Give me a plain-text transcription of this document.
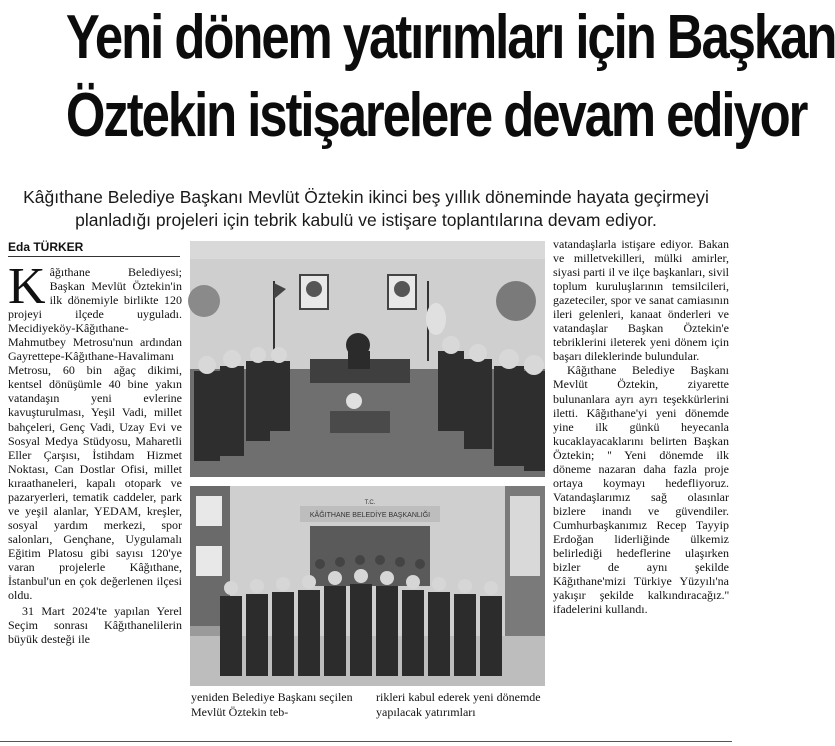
Yeni dönem yatırımları için Başkan
Öztekin istişarelere devam ediyor
Kâğıthane Belediye Başkanı Mevlüt Öztekin ikinci beş yıllık döneminde hayata geçirmeyi
planladığı projeleri için tebrik kabulü ve istişare toplantılarına devam ediyor.
Eda TÜRKER
Kâğıthane Belediyesi; Başkan Mevlüt Öztekin'in ilk dönemiyle birlikte 120 projeyi ilçede uyguladı. Mecidiyeköy-Kâğıthane-Mahmutbey Metrosu'nun ardından Gayrettepe-Kâğıthane-Havalimanı Metrosu, 60 bin ağaç dikimi, kentsel dönüşümle 40 bine yakın vatandaşın yeni evlerine kavuşturulması, Yeşil Vadi, millet bahçeleri, Genç Vadi, Uzay Evi ve Sosyal Medya Stüdyosu, Maharetli Eller Çarşısı, İstihdam Hizmet Noktası, Can Dostlar Ofisi, millet kıraathaneleri, kapalı otopark ve pazaryerleri, tematik caddeler, park ve yeşil alanlar, YEDAM, kreşler, sosyal yardım merkezi, spor salonları, Gençhane, Uygulamalı Eğitim Platosu gibi sayısı 120'ye varan projelerle Kâğıthane, İstanbul'un en çok değerlenen ilçesi oldu.
31 Mart 2024'te yapılan Yerel Seçim sonrası Kâğıthanelilerin büyük desteği ile
KÂĞITHANE BELEDİYE BAŞKANLIĞI
T.C.
yeniden Belediye Başkanı seçilen Mevlüt Öztekin teb-
rikleri kabul ederek yeni dönemde yapılacak yatırımları
vatandaşlarla istişare ediyor. Bakan ve milletvekilleri, mülki amirler, siyasi parti il ve ilçe başkanları, sivil toplum kuruluşlarının temsilcileri, gazeteciler, spor ve sanat camiasının ileri gelenleri, kanaat önderleri ve vatandaşlar Başkan Öztekin'e tebriklerini ileterek yeni dönem için başarı dileklerinde bulundular.
Kâğıthane Belediye Başkanı Mevlüt Öztekin, ziyarette bulunanlara ayrı ayrı teşekkürlerini iletti. Kâğıthane'yi yeni dönemde yine ilk günkü heyecanla kucaklayacaklarını belirten Başkan Öztekin; '' Yeni dönemde ilk döneme nazaran daha fazla proje ortaya koymayı hedefliyoruz. Vatandaşlarımız sağ olasınlar bizlere inandı ve güvendiler. Cumhurbaşkanımız Recep Tayyip Erdoğan liderliğinde ülkemiz belirlediği hedeflerine ulaşırken bizler de aynı şekilde Kâğıthane'mizi Türkiye Yüzyılı'na yakışır şekilde kalkındıracağız.'' ifadelerini kullandı.
